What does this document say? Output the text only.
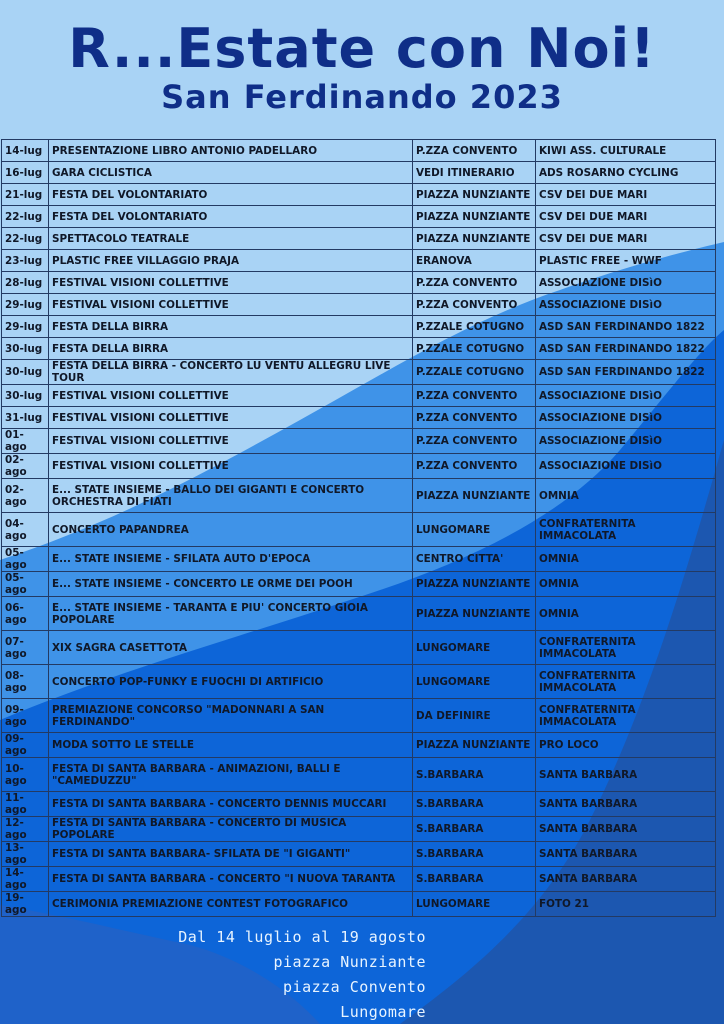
R...Estate con Noi!
San Ferdinando 2023
14-lug	PRESENTAZIONE LIBRO ANTONIO PADELLARO	P.ZZA CONVENTO	KIWI ASS. CULTURALE
16-lug	GARA CICLISTICA	VEDI ITINERARIO	ADS ROSARNO CYCLING
21-lug	FESTA DEL VOLONTARIATO	PIAZZA NUNZIANTE	CSV DEI DUE MARI
22-lug	FESTA DEL VOLONTARIATO	PIAZZA NUNZIANTE	CSV DEI DUE MARI
22-lug	SPETTACOLO TEATRALE	PIAZZA NUNZIANTE	CSV DEI DUE MARI
23-lug	PLASTIC FREE VILLAGGIO PRAJA	ERANOVA	PLASTIC FREE - WWF
28-lug	FESTIVAL VISIONI COLLETTIVE	P.ZZA CONVENTO	ASSOCIAZIONE DISìO
29-lug	FESTIVAL VISIONI COLLETTIVE	P.ZZA CONVENTO	ASSOCIAZIONE DISìO
29-lug	FESTA DELLA BIRRA	P.ZZALE COTUGNO	ASD SAN FERDINANDO 1822
30-lug	FESTA DELLA BIRRA	P.ZZALE COTUGNO	ASD SAN FERDINANDO 1822
30-lug	FESTA DELLA BIRRA - CONCERTO LU VENTU ALLEGRU LIVE TOUR	P.ZZALE COTUGNO	ASD SAN FERDINANDO 1822
30-lug	FESTIVAL VISIONI COLLETTIVE	P.ZZA CONVENTO	ASSOCIAZIONE DISìO
31-lug	FESTIVAL VISIONI COLLETTIVE	P.ZZA CONVENTO	ASSOCIAZIONE DISìO
01-ago	FESTIVAL VISIONI COLLETTIVE	P.ZZA CONVENTO	ASSOCIAZIONE DISìO
02-ago	FESTIVAL VISIONI COLLETTIVE	P.ZZA CONVENTO	ASSOCIAZIONE DISìO
02-ago	E... STATE INSIEME - BALLO DEI GIGANTI E CONCERTO ORCHESTRA DI FIATI	PIAZZA NUNZIANTE	OMNIA
04-ago	CONCERTO PAPANDREA	LUNGOMARE	CONFRATERNITA IMMACOLATA
05-ago	E... STATE INSIEME - SFILATA AUTO D'EPOCA	CENTRO CITTA'	OMNIA
05-ago	E... STATE INSIEME - CONCERTO LE ORME DEI POOH	PIAZZA NUNZIANTE	OMNIA
06-ago	E... STATE INSIEME - TARANTA E PIU' CONCERTO GIOIA POPOLARE	PIAZZA NUNZIANTE	OMNIA
07-ago	XIX SAGRA CASETTOTA	LUNGOMARE	CONFRATERNITA IMMACOLATA
08-ago	CONCERTO POP-FUNKY E FUOCHI DI ARTIFICIO	LUNGOMARE	CONFRATERNITA IMMACOLATA
09-ago	PREMIAZIONE CONCORSO "MADONNARI A SAN FERDINANDO"	DA DEFINIRE	CONFRATERNITA IMMACOLATA
09-ago	MODA SOTTO LE STELLE	PIAZZA NUNZIANTE	PRO LOCO
10-ago	FESTA DI SANTA BARBARA - ANIMAZIONI, BALLI E "CAMEDUZZU"	S.BARBARA	SANTA BARBARA
11-ago	FESTA DI SANTA BARBARA - CONCERTO DENNIS MUCCARI	S.BARBARA	SANTA BARBARA
12-ago	FESTA DI SANTA BARBARA - CONCERTO DI MUSICA POPOLARE	S.BARBARA	SANTA BARBARA
13-ago	FESTA DI SANTA BARBARA- SFILATA DE "I GIGANTI"	S.BARBARA	SANTA BARBARA
14-ago	FESTA DI SANTA BARBARA - CONCERTO "I NUOVA TARANTA	S.BARBARA	SANTA BARBARA
19-ago	CERIMONIA PREMIAZIONE CONTEST FOTOGRAFICO	LUNGOMARE	FOTO 21
Dal 14 luglio al 19 agosto
piazza Nunziante
piazza Convento
Lungomare
